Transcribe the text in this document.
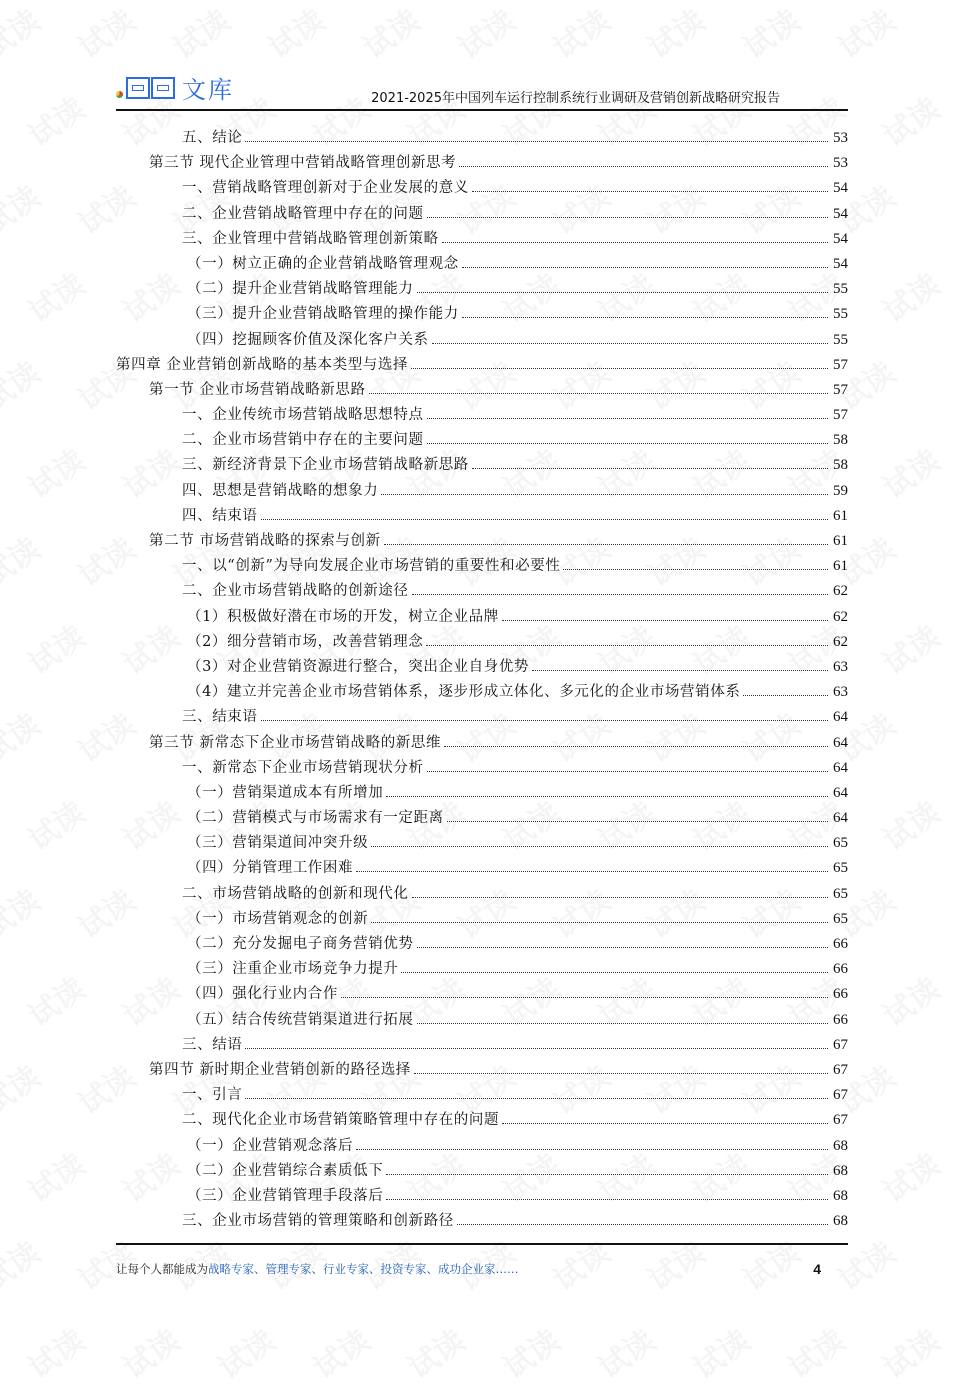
文库	2021-2025年中国列车运行控制系统行业调研及营销创新战略研究报告
五、结论	53
第三节 现代企业管理中营销战略管理创新思考	53
一、营销战略管理创新对于企业发展的意义	54
二、企业营销战略管理中存在的问题	54
三、企业管理中营销战略管理创新策略	54
（一）树立正确的企业营销战略管理观念	54
（二）提升企业营销战略管理能力	55
（三）提升企业营销战略管理的操作能力	55
（四）挖掘顾客价值及深化客户关系	55
第四章 企业营销创新战略的基本类型与选择	57
第一节 企业市场营销战略新思路	57
一、企业传统市场营销战略思想特点	57
二、企业市场营销中存在的主要问题	58
三、新经济背景下企业市场营销战略新思路	58
四、思想是营销战略的想象力	59
四、结束语	61
第二节 市场营销战略的探索与创新	61
一、以“创新”为导向发展企业市场营销的重要性和必要性	61
二、企业市场营销战略的创新途径	62
（1）积极做好潜在市场的开发，树立企业品牌	62
（2）细分营销市场，改善营销理念	62
（3）对企业营销资源进行整合，突出企业自身优势	63
（4）建立并完善企业市场营销体系，逐步形成立体化、多元化的企业市场营销体系	63
三、结束语	64
第三节 新常态下企业市场营销战略的新思维	64
一、新常态下企业市场营销现状分析	64
（一）营销渠道成本有所增加	64
（二）营销模式与市场需求有一定距离	64
（三）营销渠道间冲突升级	65
（四）分销管理工作困难	65
二、市场营销战略的创新和现代化	65
（一）市场营销观念的创新	65
（二）充分发掘电子商务营销优势	66
（三）注重企业市场竞争力提升	66
（四）强化行业内合作	66
（五）结合传统营销渠道进行拓展	66
三、结语	67
第四节 新时期企业营销创新的路径选择	67
一、引言	67
二、现代化企业市场营销策略管理中存在的问题	67
（一）企业营销观念落后	68
（二）企业营销综合素质低下	68
（三）企业营销管理手段落后	68
三、企业市场营销的管理策略和创新路径	68
让每个人都能成为战略专家、管理专家、行业专家、投资专家、成功企业家……	4
